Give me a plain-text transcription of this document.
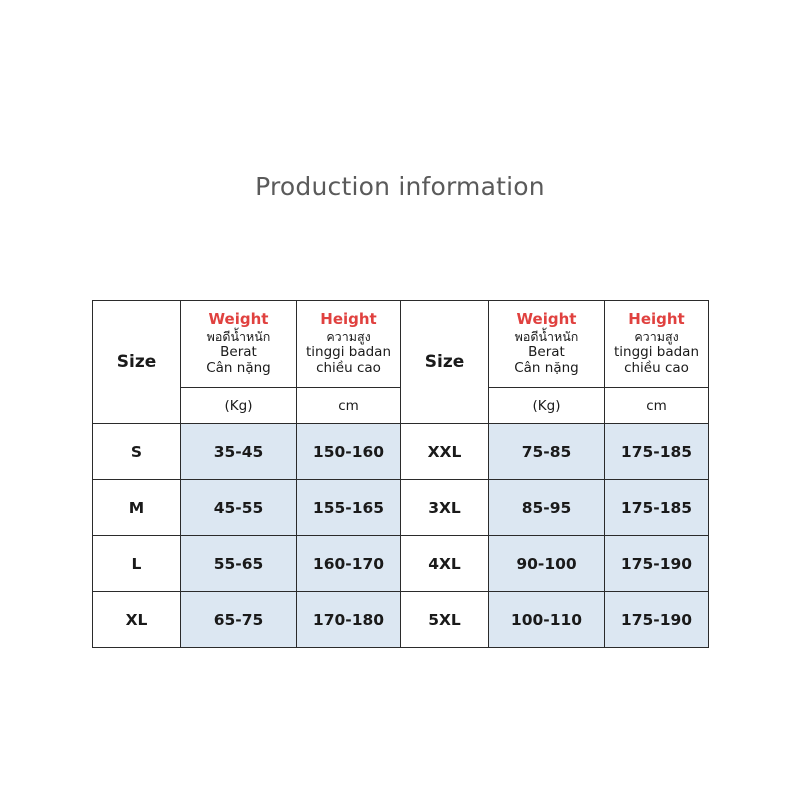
Production information
Size	Weight
พอดีน้ำหนัก
Berat
Cân nặng	Height
ความสูง
tinggi badan
chiều cao	Size	Weight
พอดีน้ำหนัก
Berat
Cân nặng	Height
ความสูง
tinggi badan
chiều cao

	(Kg)	cm		(Kg)	cm
S	35-45	150-160	XXL	75-85	175-185
M	45-55	155-165	3XL	85-95	175-185
L	55-65	160-170	4XL	90-100	175-190
XL	65-75	170-180	5XL	100-110	175-190
